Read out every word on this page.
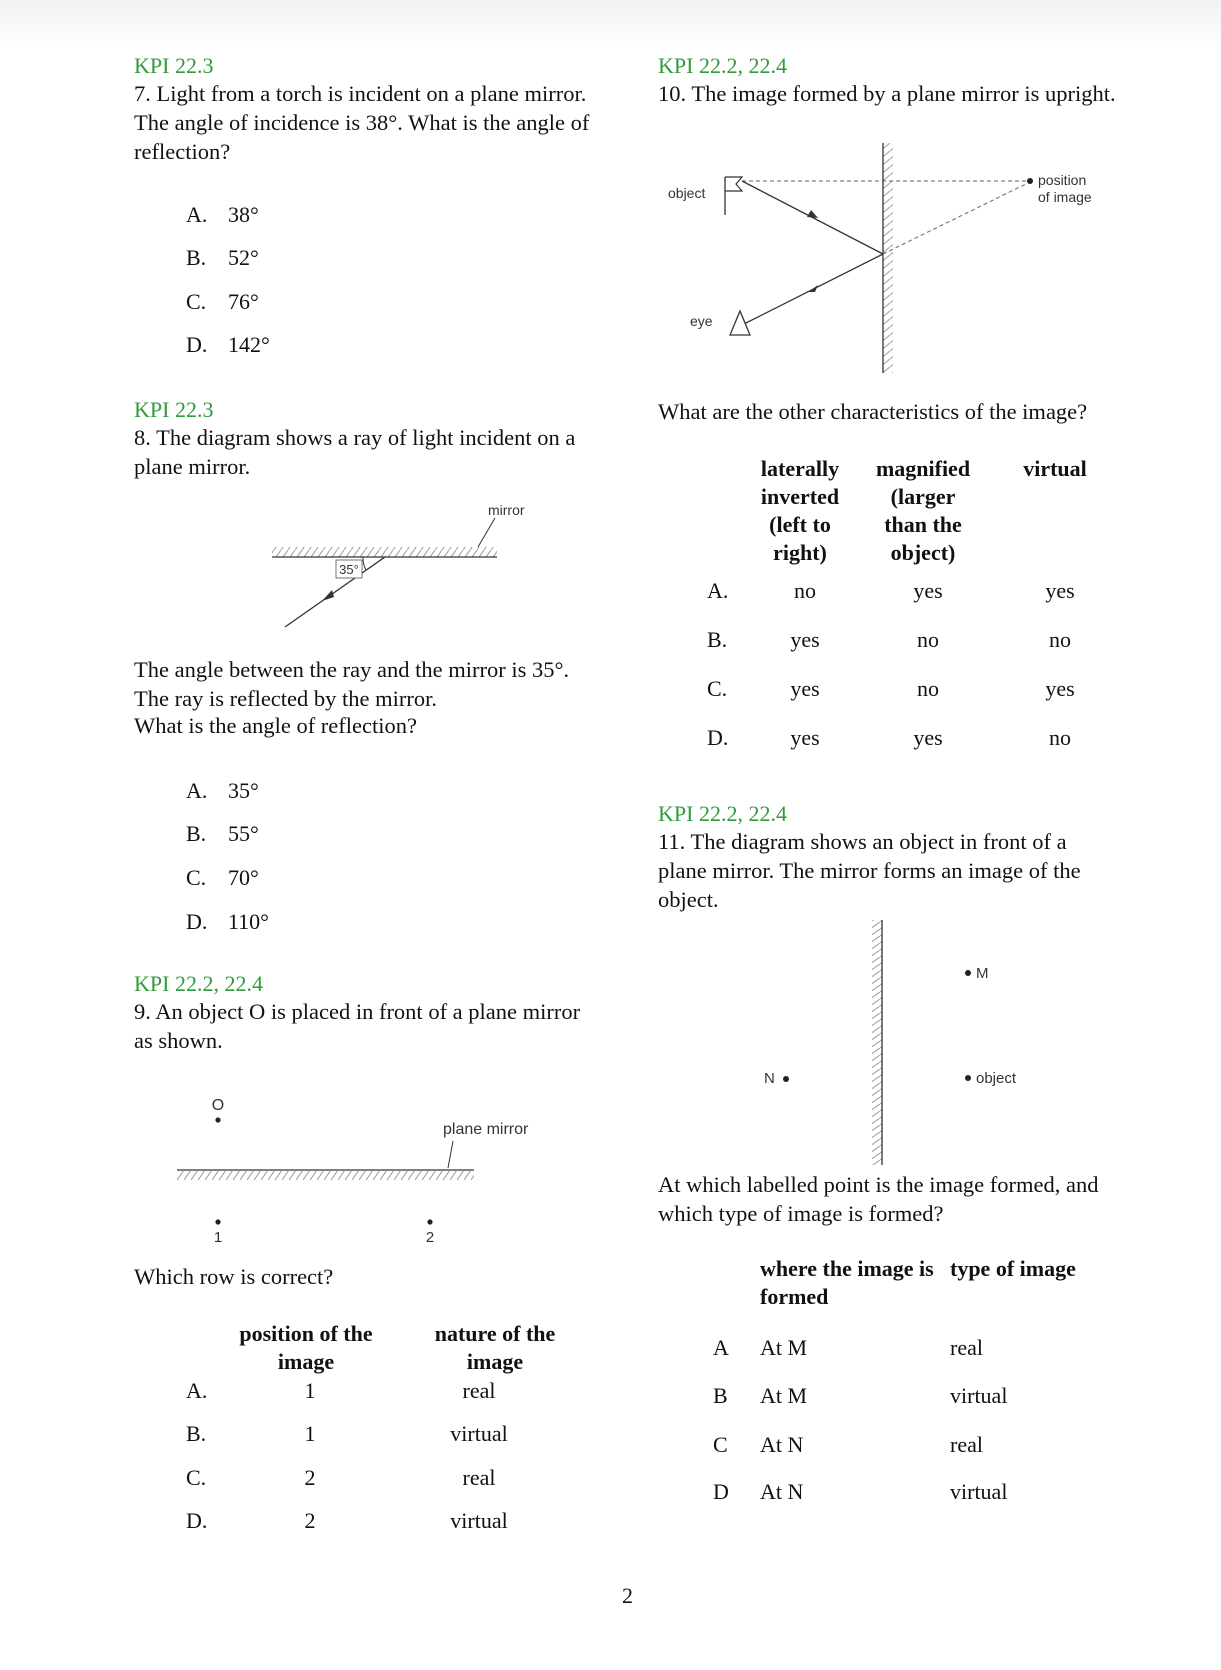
KPI 22.3
7. Light from a torch is incident on a plane mirror. The angle of incidence is 38°. What is the angle of reflection?
A. 38°
B. 52°
C. 76°
D. 142°
KPI 22.3
8. The diagram shows a ray of light incident on a plane mirror.
mirror
35°
The angle between the ray and the mirror is 35°.
The ray is reflected by the mirror.
What is the angle of reflection?
A. 35°
B. 55°
C. 70°
D. 110°
KPI 22.2, 22.4
9. An object O is placed in front of a plane mirror as shown.
O
plane mirror
1	2
Which row is correct?
position of the image
nature of the image
A.	1	real
B.	1	virtual
C.	2	real
D.	2	virtual
KPI 22.2, 22.4
10. The image formed by a plane mirror is upright.
object
position
of image
eye
What are the other characteristics of the image?
laterally inverted (left to right)
magnified (larger than the object)
virtual
A.	no	yes	yes
B.	yes	no	no
C.	yes	no	yes
D.	yes	yes	no
KPI 22.2, 22.4
11. The diagram shows an object in front of a plane mirror. The mirror forms an image of the object.
M
N	object
At which labelled point is the image formed, and which type of image is formed?
where the image is formed
type of image
A At M	real
B At M	virtual
C At N	real
D At N	virtual
2
